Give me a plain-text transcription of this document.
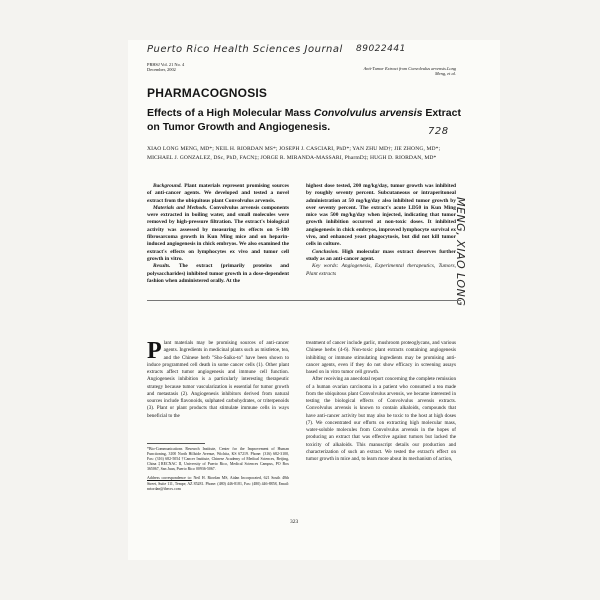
Puerto Rico Health Sciences Journal 89022441
728
MENG, XIAO LONG
PRHSJ Vol. 21 No. 4
December, 2002	Anti-Tumor Extract from Convolvulus arvensis.Long
Meng, et al.
PHARMACOGNOSIS
Effects of a High Molecular Mass Convolvulus arvensis Extract on Tumor Growth and Angiogenesis.
XIAO LONG MENG, MD*; NEIL H. RIORDAN MS*; JOSEPH J. CASCIARI, PhD*; YAN ZHU MD†; JIE ZHONG, MD*; MICHAEL J. GONZALEZ, DSc, PhD, FACN‡; JORGE R. MIRANDA-MASSARI, PharmD‡; HUGH D. RIORDAN, MD*

Background. Plant materials represent promising sources of anti-cancer agents. We developed and tested a novel extract from the ubiquitous plant Convolvulus arvensis.

Materials and Methods. Convolvulus arvensis components were extracted in boiling water, and small molecules were removed by high-pressure filtration. The extract's biological activity was assessed by measuring its effects on S-180 fibrosarcoma growth in Kun Ming mice and on heparin-induced angiogenesis in chick embryos. We also examined the extract's effects on lymphocytes ex vivo and tumor cell growth in vitro.

Results. The extract (primarily proteins and polysaccharides) inhibited tumor growth in a dose-dependent fashion when administered orally. At the

highest dose tested, 200 mg/kg/day, tumor growth was inhibited by roughly seventy percent. Subcutaneous or intraperitoneal administration at 50 mg/kg/day also inhibited tumor growth by over seventy percent. The extract's acute LD50 in Kun Ming mice was 500 mg/kg/day when injected, indicating that tumor growth inhibition occurred at non-toxic doses. It inhibited angiogenesis in chick embryos, improved lymphocyte survival ex vivo, and enhanced yeast phagocytosis, but did not kill tumor cells in culture.

Conclusion. High molecular mass extract deserves further study as an anti-cancer agent.

Key words: Angiogenesis, Experimental therapeutics, Tumors, Plant extracts

Plant materials may be promising sources of anti-cancer agents. Ingredients in medicinal plants such as mistletoe, tea, and the Chinese herb "Sho-Saiko-to" have been shown to induce programmed cell death in some cancer cells (1). Other plant extracts affect tumor angiogenesis and immune cell function. Angiogenesis inhibition is a particularly interesting therapeutic strategy because tumor vascularization is essential for tumor growth and metastasis (2). Angiogenesis inhibitors derived from natural sources include flavonoids, sulphated carbohydrates, or triterpenoids (3). Plant or plant products that stimulate immune cells in ways beneficial to the

treatment of cancer include garlic, mushroom proteoglycans, and various Chinese herbs (4-6). Non-toxic plant extracts containing angiogenesis inhibiting or immune stimulating ingredients may be promising anti-cancer agents, even if they do not show efficacy in screening assays based on in vitro tumor cell growth.

After receiving an anecdotal report concerning the complete remission of a human ovarian carcinoma in a patient who consumed a tea made from the ubiquitous plant Convolvulus arvensis, we became interested in testing the biological effects of Convolvulus arvensis extracts. Convolvulus arvensis is known to contain alkaloids, compounds that have anti-cancer activity but may also be toxic to the host at high doses (7). We concentrated our efforts on extracting high molecular mass, water-soluble molecules from Convolvulus arvensis in the hopes of producing an extract that was effective against tumors but lacked the toxicity of alkaloids. This manuscript details our production and characterization of such an extract. We tested the extract's effect on tumor growth in mice and, to learn more about its mechanism of action,

*Bio-Communications Research Institute, Center for the Improvement of Human Functioning, 3100 North Hillside Avenue, Wichita, KS 67219. Phone: (316) 682-3100, Fax: (316) 682-5054 †Cancer Institute, Chinese Academy of Medical Sciences, Beijing, China ‡RECNAC II, University of Puerto Rico, Medical Sciences Campus, PO Box 365067, San Juan, Puerto Rico 00936-5067.

Address correspondence to: Neil H. Riordan MS, Aidan Incorporated, 621 South 48th Street, Suite 111, Tempe, AZ 85281. Phone: (480) 446-8181, Fax: (480) 446-8858, Email: nriordan@thecrs.com

323
